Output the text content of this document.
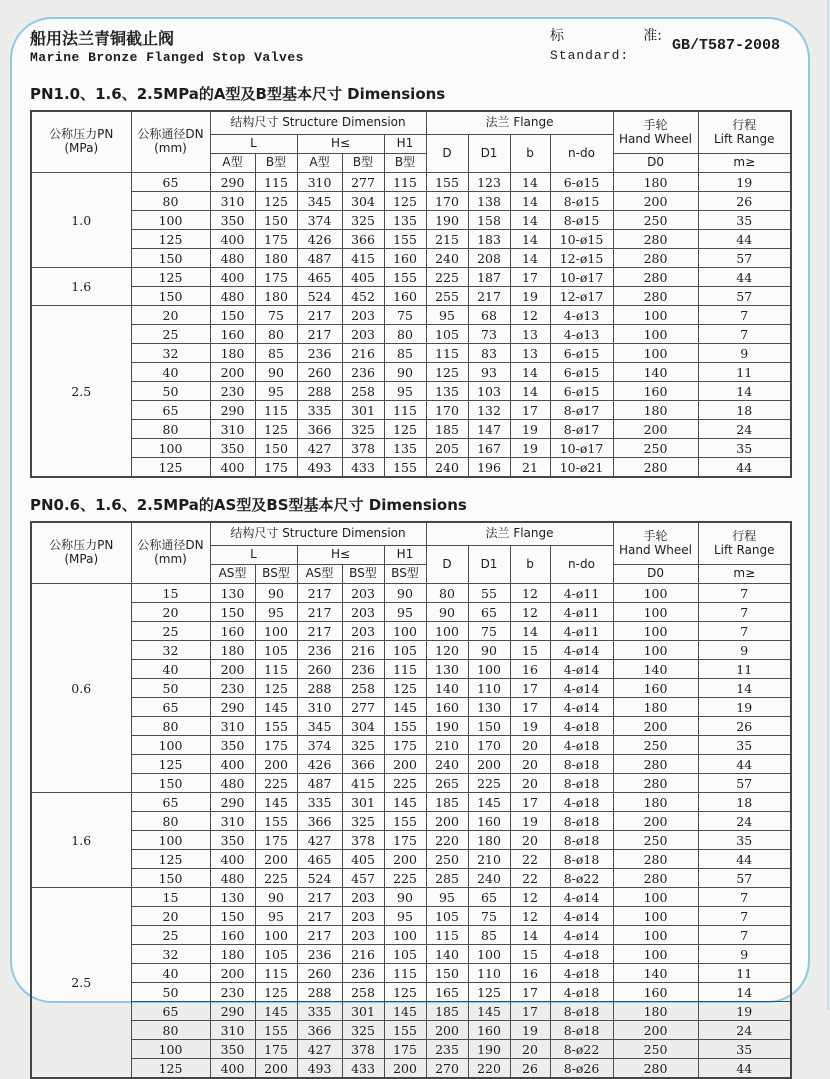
船用法兰青铜截止阀
Marine Bronze Flanged Stop Valves
标	准:
Standard:
GB/T587-2008
PN1.0、1.6、2.5MPa的A型及B型基本尺寸 Dimensions
公称压力PN
(MPa)	公称通径DN
(mm)	结构尺寸 Structure Dimension					法兰 Flange				手轮
Hand Wheel	行程
Lift Range
		L		H≤		H1	D	D1	b	n-do		
		A型	B型	A型	B型	B型					D0	m≥
1.0	65	290	115	310	277	115	155	123	14	6-ø15	180	19
	80	310	125	345	304	125	170	138	14	8-ø15	200	26
	100	350	150	374	325	135	190	158	14	8-ø15	250	35
	125	400	175	426	366	155	215	183	14	10-ø15	280	44
	150	480	180	487	415	160	240	208	14	12-ø15	280	57
1.6	125	400	175	465	405	155	225	187	17	10-ø17	280	44
	150	480	180	524	452	160	255	217	19	12-ø17	280	57
2.5	20	150	75	217	203	75	95	68	12	4-ø13	100	7
	25	160	80	217	203	80	105	73	13	4-ø13	100	7
	32	180	85	236	216	85	115	83	13	6-ø15	100	9
	40	200	90	260	236	90	125	93	14	6-ø15	140	11
	50	230	95	288	258	95	135	103	14	6-ø15	160	14
	65	290	115	335	301	115	170	132	17	8-ø17	180	18
	80	310	125	366	325	125	185	147	19	8-ø17	200	24
	100	350	150	427	378	135	205	167	19	10-ø17	250	35
	125	400	175	493	433	155	240	196	21	10-ø21	280	44
PN0.6、1.6、2.5MPa的AS型及BS型基本尺寸 Dimensions
公称压力PN
(MPa)	公称通径DN
(mm)	结构尺寸 Structure Dimension					法兰 Flange				手轮
Hand Wheel	行程
Lift Range
		L		H≤		H1	D	D1	b	n-do		
		AS型	BS型	AS型	BS型	BS型					D0	m≥
0.6	15	130	90	217	203	90	80	55	12	4-ø11	100	7
	20	150	95	217	203	95	90	65	12	4-ø11	100	7
	25	160	100	217	203	100	100	75	14	4-ø11	100	7
	32	180	105	236	216	105	120	90	15	4-ø14	100	9
	40	200	115	260	236	115	130	100	16	4-ø14	140	11
	50	230	125	288	258	125	140	110	17	4-ø14	160	14
	65	290	145	310	277	145	160	130	17	4-ø14	180	19
	80	310	155	345	304	155	190	150	19	4-ø18	200	26
	100	350	175	374	325	175	210	170	20	4-ø18	250	35
	125	400	200	426	366	200	240	200	20	8-ø18	280	44
	150	480	225	487	415	225	265	225	20	8-ø18	280	57
1.6	65	290	145	335	301	145	185	145	17	4-ø18	180	18
	80	310	155	366	325	155	200	160	19	8-ø18	200	24
	100	350	175	427	378	175	220	180	20	8-ø18	250	35
	125	400	200	465	405	200	250	210	22	8-ø18	280	44
	150	480	225	524	457	225	285	240	22	8-ø22	280	57
2.5	15	130	90	217	203	90	95	65	12	4-ø14	100	7
	20	150	95	217	203	95	105	75	12	4-ø14	100	7
	25	160	100	217	203	100	115	85	14	4-ø14	100	7
	32	180	105	236	216	105	140	100	15	4-ø18	100	9
	40	200	115	260	236	115	150	110	16	4-ø18	140	11
	50	230	125	288	258	125	165	125	17	4-ø18	160	14
	65	290	145	335	301	145	185	145	17	8-ø18	180	19
	80	310	155	366	325	155	200	160	19	8-ø18	200	24
	100	350	175	427	378	175	235	190	20	8-ø22	250	35
	125	400	200	493	433	200	270	220	26	8-ø26	280	44
